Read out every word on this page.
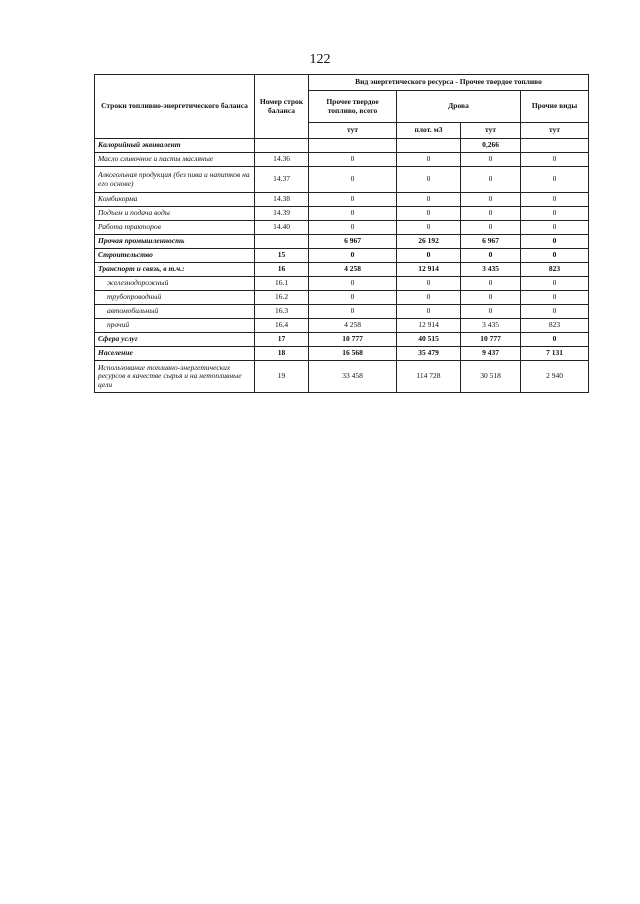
122
Строки топливно-энергетического баланса	Номер строк баланса	Вид энергетического ресурса - Прочее твердое топливо			
		Прочее твердое топливо, всего	Дрова		Прочие виды
		тут	плот. м3	тут	тут
Калорийный эквивалент				0,266	
Масло сливочное и пасты масляные	14.36	0	0	0	0
Алкогольная продукция (без пива и напитков на его основе)	14.37	0	0	0	0
Комбикорма	14.38	0	0	0	0
Подъем и подача воды	14.39	0	0	0	0
Работа тракторов	14.40	0	0	0	0
Прочая промышленность		6 967	26 192	6 967	0
Строительство	15	0	0	0	0
Транспорт и связь, в т.ч.:	16	4 258	12 914	3 435	823
железнодорожный	16.1	0	0	0	0
трубопроводный	16.2	0	0	0	0
автомобильный	16.3	0	0	0	0
прочий	16.4	4 258	12 914	3 435	823
Сфера услуг	17	10 777	40 515	10 777	0
Население	18	16 568	35 479	9 437	7 131
Использование топливно-энергетических ресурсов в качестве сырья и на нетопливные цели	19	33 458	114 728	30 518	2 940
